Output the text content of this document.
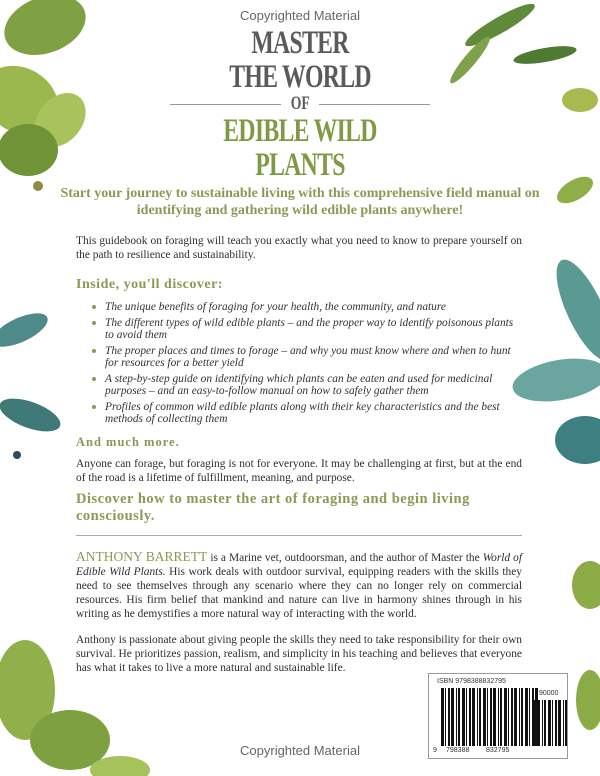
Copyrighted Material
MASTER
THE WORLD
OF
EDIBLE WILD
PLANTS
Start your journey to sustainable living with this comprehensive field manual on identifying and gathering wild edible plants anywhere!
This guidebook on foraging will teach you exactly what you need to know to prepare yourself on the path to resilience and sustainability.
Inside, you'll discover:
The unique benefits of foraging for your health, the community, and nature
The different types of wild edible plants – and the proper way to identify poisonous plants to avoid them
The proper places and times to forage – and why you must know where and when to hunt for resources for a better yield
A step-by-step guide on identifying which plants can be eaten and used for medicinal purposes – and an easy-to-follow manual on how to safely gather them
Profiles of common wild edible plants along with their key characteristics and the best methods of collecting them
And much more.
Anyone can forage, but foraging is not for everyone. It may be challenging at first, but at the end of the road is a lifetime of fulfillment, meaning, and purpose.
Discover how to master the art of foraging and begin living consciously.
ANTHONY BARRETT is a Marine vet, outdoorsman, and the author of Master the World of Edible Wild Plants. His work deals with outdoor survival, equipping readers with the skills they need to see themselves through any scenario where they can no longer rely on commercial resources. His firm belief that mankind and nature can live in harmony shines through in his writing as he demystifies a more natural way of interacting with the world.
Anthony is passionate about giving people the skills they need to take responsibility for their own survival. He prioritizes passion, realism, and simplicity in his teaching and believes that everyone has what it takes to live a more natural and sustainable life.
Copyrighted Material
ISBN 9798388832795
90000
9 798388 832795
